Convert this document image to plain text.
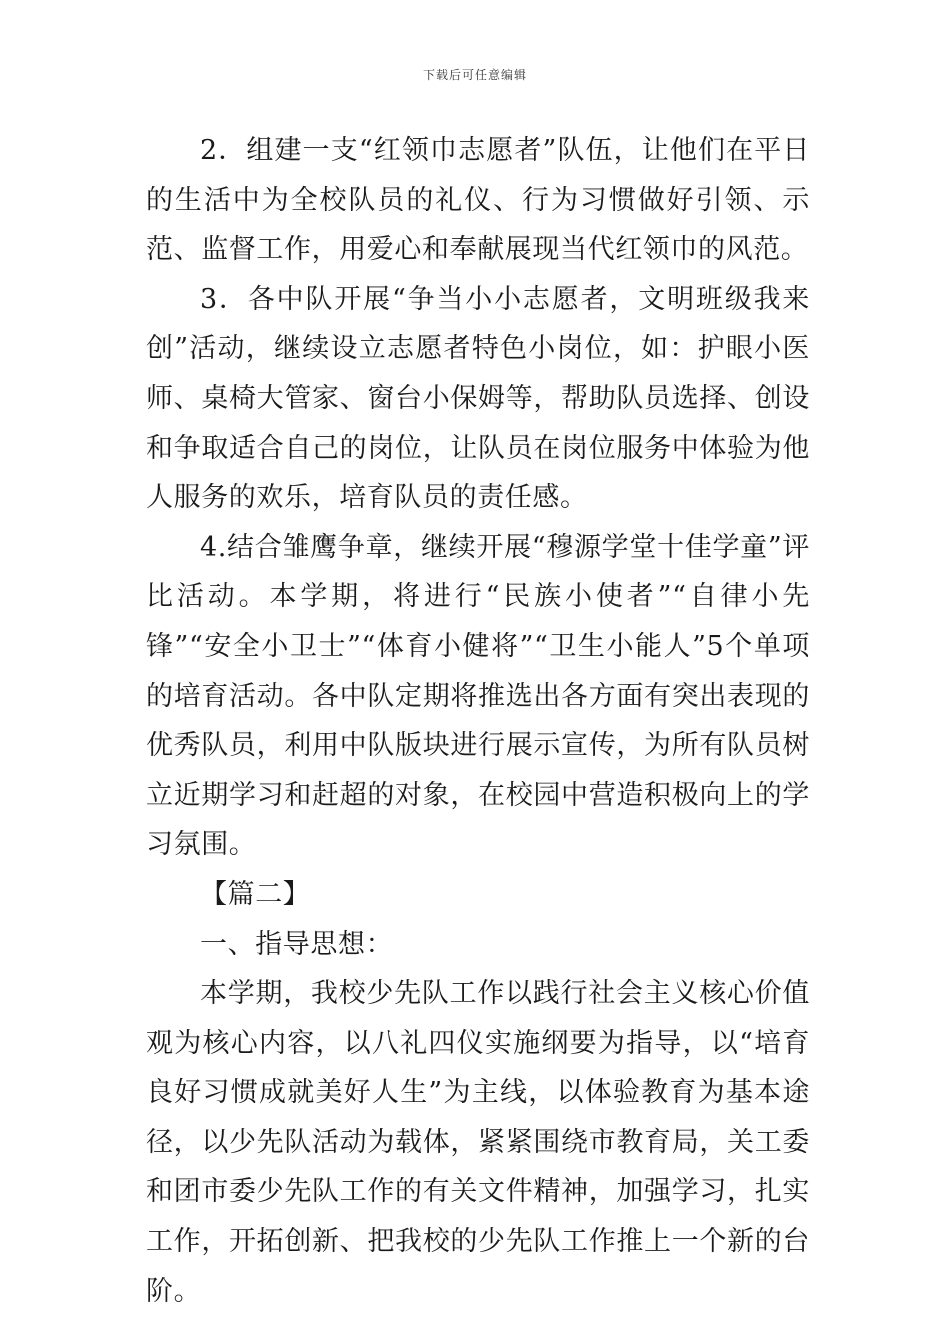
下载后可任意编辑

2．组建一支“红领巾志愿者”队伍，让他们在平日的生活中为全校队员的礼仪、行为习惯做好引领、示范、监督工作，用爱心和奉献展现当代红领巾的风范。

3．各中队开展“争当小小志愿者，文明班级我来创”活动，继续设立志愿者特色小岗位，如：护眼小医师、桌椅大管家、窗台小保姆等，帮助队员选择、创设和争取适合自己的岗位，让队员在岗位服务中体验为他人服务的欢乐，培育队员的责任感。

4.结合雏鹰争章，继续开展“穆源学堂十佳学童”评比活动。本学期，将进行“民族小使者”“自律小先锋”“安全小卫士”“体育小健将”“卫生小能人”5个单项的培育活动。各中队定期将推选出各方面有突出表现的优秀队员，利用中队版块进行展示宣传，为所有队员树立近期学习和赶超的对象，在校园中营造积极向上的学习氛围。

【篇二】

一、指导思想：

本学期，我校少先队工作以践行社会主义核心价值观为核心内容，以八礼四仪实施纲要为指导，以“培育良好习惯成就美好人生”为主线，以体验教育为基本途径，以少先队活动为载体，紧紧围绕市教育局，关工委和团市委少先队工作的有关文件精神，加强学习，扎实工作，开拓创新、把我校的少先队工作推上一个新的台阶。
